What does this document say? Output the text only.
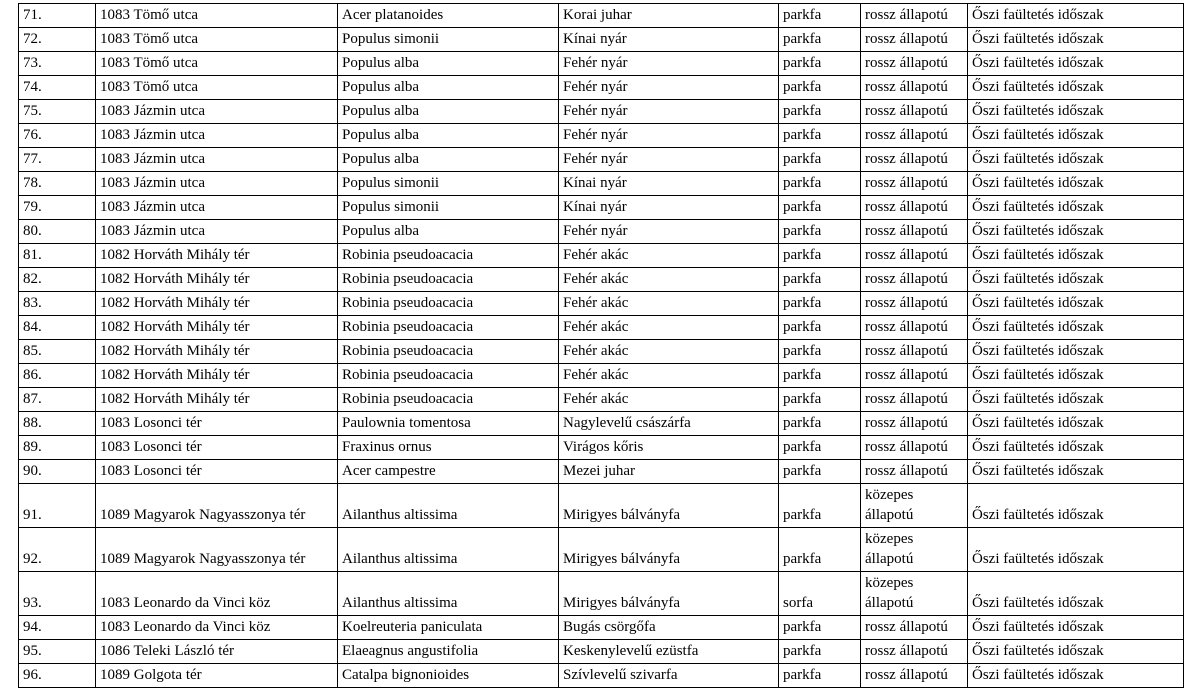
71.	1083 Tömő utca	Acer platanoides	Korai juhar	parkfa	rossz állapotú	Őszi faültetés időszak
72.	1083 Tömő utca	Populus simonii	Kínai nyár	parkfa	rossz állapotú	Őszi faültetés időszak
73.	1083 Tömő utca	Populus alba	Fehér nyár	parkfa	rossz állapotú	Őszi faültetés időszak
74.	1083 Tömő utca	Populus alba	Fehér nyár	parkfa	rossz állapotú	Őszi faültetés időszak
75.	1083 Jázmin utca	Populus alba	Fehér nyár	parkfa	rossz állapotú	Őszi faültetés időszak
76.	1083 Jázmin utca	Populus alba	Fehér nyár	parkfa	rossz állapotú	Őszi faültetés időszak
77.	1083 Jázmin utca	Populus alba	Fehér nyár	parkfa	rossz állapotú	Őszi faültetés időszak
78.	1083 Jázmin utca	Populus simonii	Kínai nyár	parkfa	rossz állapotú	Őszi faültetés időszak
79.	1083 Jázmin utca	Populus simonii	Kínai nyár	parkfa	rossz állapotú	Őszi faültetés időszak
80.	1083 Jázmin utca	Populus alba	Fehér nyár	parkfa	rossz állapotú	Őszi faültetés időszak
81.	1082 Horváth Mihály tér	Robinia pseudoacacia	Fehér akác	parkfa	rossz állapotú	Őszi faültetés időszak
82.	1082 Horváth Mihály tér	Robinia pseudoacacia	Fehér akác	parkfa	rossz állapotú	Őszi faültetés időszak
83.	1082 Horváth Mihály tér	Robinia pseudoacacia	Fehér akác	parkfa	rossz állapotú	Őszi faültetés időszak
84.	1082 Horváth Mihály tér	Robinia pseudoacacia	Fehér akác	parkfa	rossz állapotú	Őszi faültetés időszak
85.	1082 Horváth Mihály tér	Robinia pseudoacacia	Fehér akác	parkfa	rossz állapotú	Őszi faültetés időszak
86.	1082 Horváth Mihály tér	Robinia pseudoacacia	Fehér akác	parkfa	rossz állapotú	Őszi faültetés időszak
87.	1082 Horváth Mihály tér	Robinia pseudoacacia	Fehér akác	parkfa	rossz állapotú	Őszi faültetés időszak
88.	1083 Losonci tér	Paulownia tomentosa	Nagylevelű császárfa	parkfa	rossz állapotú	Őszi faültetés időszak
89.	1083 Losonci tér	Fraxinus ornus	Virágos kőris	parkfa	rossz állapotú	Őszi faültetés időszak
90.	1083 Losonci tér	Acer campestre	Mezei juhar	parkfa	rossz állapotú	Őszi faültetés időszak
91.	1089 Magyarok Nagyasszonya tér	Ailanthus altissima	Mirigyes bálványfa	parkfa	közepes állapotú	Őszi faültetés időszak
92.	1089 Magyarok Nagyasszonya tér	Ailanthus altissima	Mirigyes bálványfa	parkfa	közepes állapotú	Őszi faültetés időszak
93.	1083 Leonardo da Vinci köz	Ailanthus altissima	Mirigyes bálványfa	sorfa	közepes állapotú	Őszi faültetés időszak
94.	1083 Leonardo da Vinci köz	Koelreuteria paniculata	Bugás csörgőfa	parkfa	rossz állapotú	Őszi faültetés időszak
95.	1086 Teleki László tér	Elaeagnus angustifolia	Keskenylevelű ezüstfa	parkfa	rossz állapotú	Őszi faültetés időszak
96.	1089 Golgota tér	Catalpa bignonioides	Szívlevelű szivarfa	parkfa	rossz állapotú	Őszi faültetés időszak
